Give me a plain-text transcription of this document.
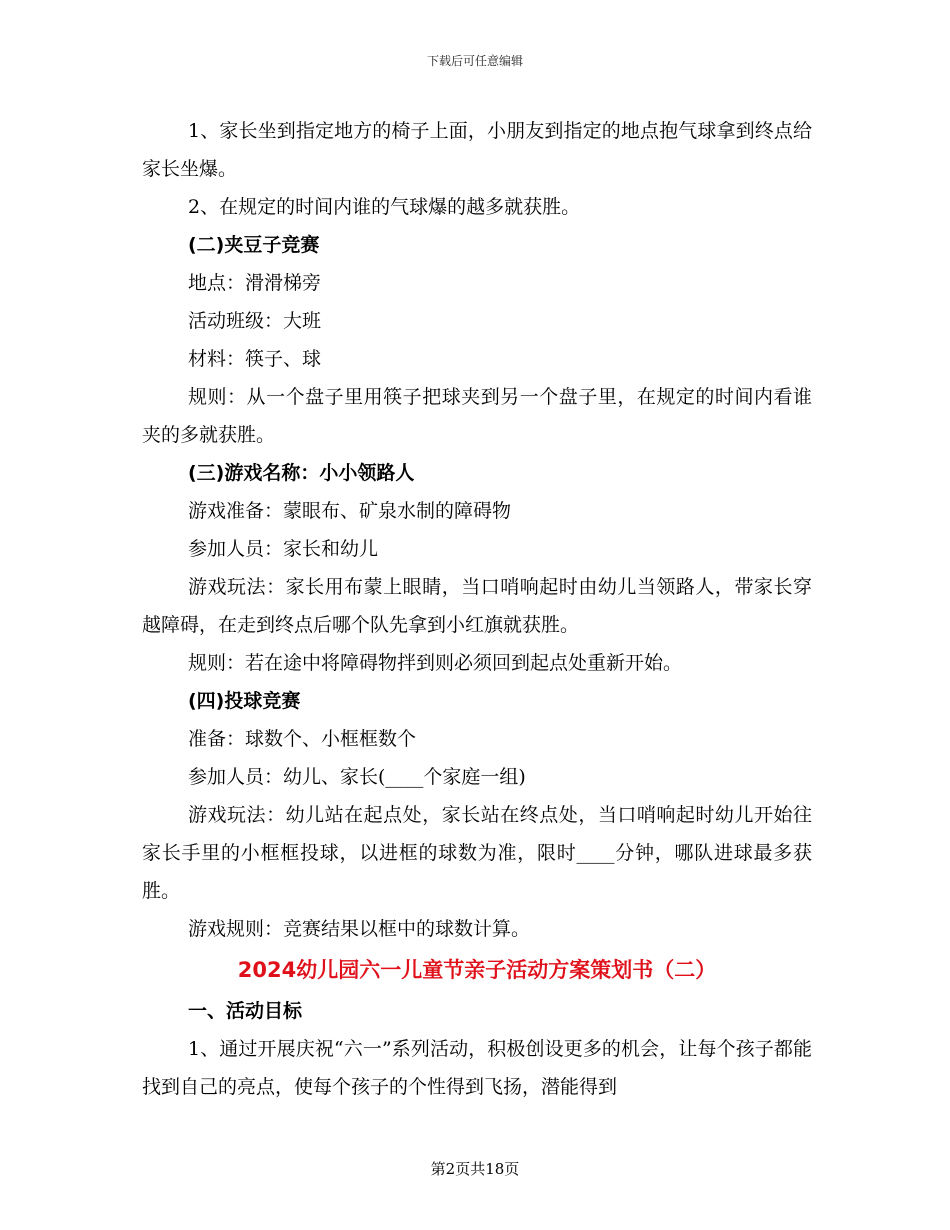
下载后可任意编辑

1、家长坐到指定地方的椅子上面，小朋友到指定的地点抱气球拿到终点给家长坐爆。

2、在规定的时间内谁的气球爆的越多就获胜。

(二)夹豆子竞赛

地点：滑滑梯旁

活动班级：大班

材料：筷子、球

规则：从一个盘子里用筷子把球夹到另一个盘子里，在规定的时间内看谁夹的多就获胜。

(三)游戏名称：小小领路人

游戏准备：蒙眼布、矿泉水制的障碍物

参加人员：家长和幼儿

游戏玩法：家长用布蒙上眼睛，当口哨响起时由幼儿当领路人，带家长穿越障碍，在走到终点后哪个队先拿到小红旗就获胜。

规则：若在途中将障碍物拌到则必须回到起点处重新开始。

(四)投球竞赛

准备：球数个、小框框数个

参加人员：幼儿、家长(____个家庭一组)

游戏玩法：幼儿站在起点处，家长站在终点处，当口哨响起时幼儿开始往家长手里的小框框投球，以进框的球数为准，限时____分钟，哪队进球最多获胜。

游戏规则：竞赛结果以框中的球数计算。

2024幼儿园六一儿童节亲子活动方案策划书（二）

一、活动目标

1、通过开展庆祝“六一”系列活动，积极创设更多的机会，让每个孩子都能找到自己的亮点，使每个孩子的个性得到飞扬，潜能得到

第2页共18页
